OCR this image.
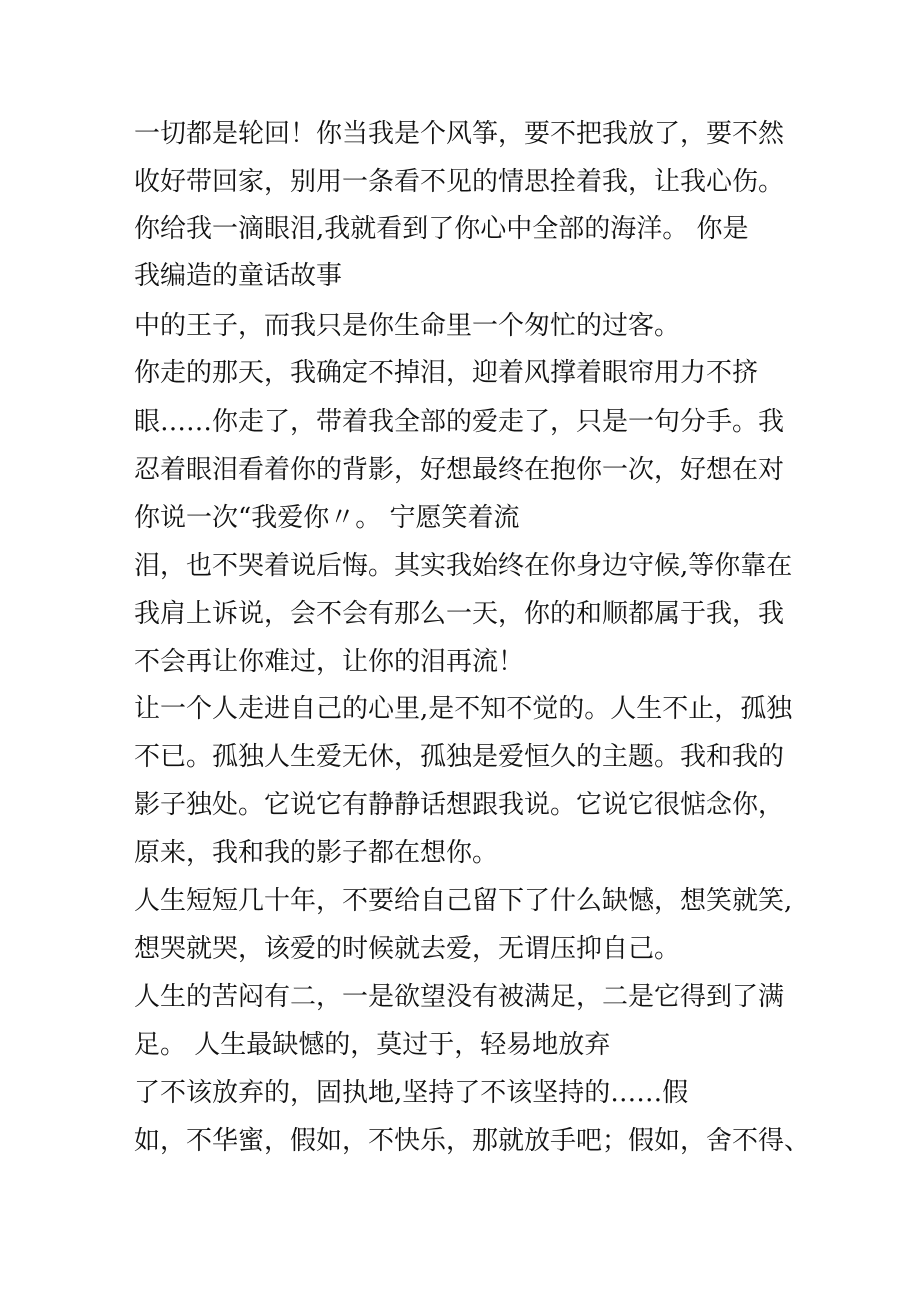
一切都是轮回！你当我是个风筝，要不把我放了，要不然

收好带回家，别用一条看不见的情思拴着我，让我心伤。

你给我一滴眼泪,我就看到了你心中全部的海洋。 你是

我编造的童话故事

中的王子，而我只是你生命里一个匆忙的过客。

你走的那天，我确定不掉泪，迎着风撑着眼帘用力不挤

眼……你走了，带着我全部的爱走了，只是一句分手。我

忍着眼泪看着你的背影，好想最终在抱你一次，好想在对

你说一次“我爱你〃。 宁愿笑着流

泪，也不哭着说后悔。其实我始终在你身边守候,等你靠在

我肩上诉说，会不会有那么一天，你的和顺都属于我，我

不会再让你难过，让你的泪再流！

让一个人走进自己的心里,是不知不觉的。人生不止，孤独

不已。孤独人生爱无休，孤独是爱恒久的主题。我和我的

影子独处。它说它有静静话想跟我说。它说它很惦念你，

原来，我和我的影子都在想你。

人生短短几十年，不要给自己留下了什么缺憾，想笑就笑,

想哭就哭，该爱的时候就去爱，无谓压抑自己。

人生的苦闷有二，一是欲望没有被满足，二是它得到了满

足。 人生最缺憾的，莫过于，轻易地放弃

了不该放弃的，固执地,坚持了不该坚持的……假

如，不华蜜，假如，不快乐，那就放手吧；假如，舍不得、
